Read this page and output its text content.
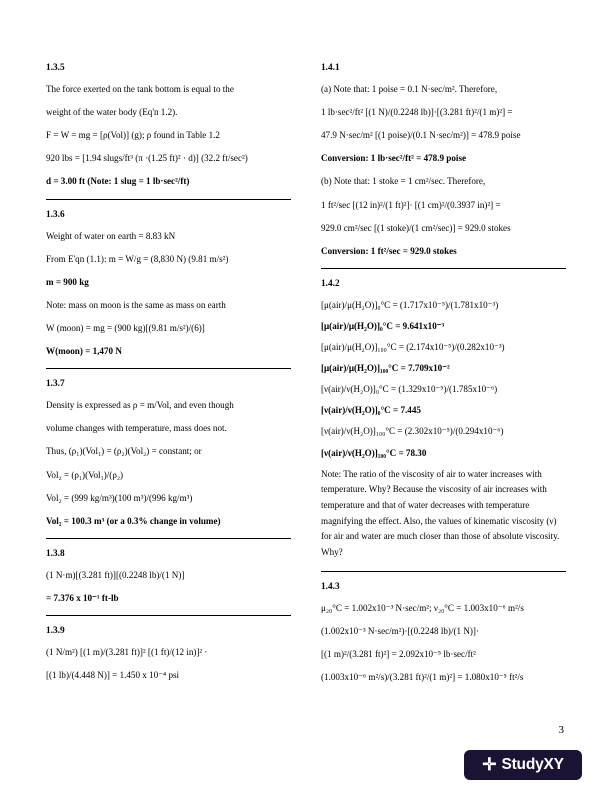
1.3.5
The force exerted on the tank bottom is equal to the
weight of the water body (Eq'n 1.2).
F = W = mg = [ρ(Vol)] (g); ρ found in Table 1.2
920 lbs = [1.94 slugs/ft³ (π ·(1.25 ft)² · d)] (32.2 ft/sec²)
d = 3.00 ft (Note: 1 slug = 1 lb·sec²/ft)
1.3.6
Weight of water on earth = 8.83 kN
From E'qn (1.1): m = W/g = (8,830 N) (9.81 m/s²)
m = 900 kg
Note: mass on moon is the same as mass on earth
W (moon) = mg = (900 kg)[(9.81 m/s²)/(6)]
W(moon) = 1,470 N
1.3.7
Density is expressed as ρ = m/Vol, and even though
volume changes with temperature, mass does not.
Thus, (ρ₁)(Vol₁) = (ρ₂)(Vol₂) = constant; or
Vol₂ = (ρ₁)(Vol₁)/(ρ₂)
Vol₂ = (999 kg/m³)(100 m³)/(996 kg/m³)
Vol₂ = 100.3 m³ (or a 0.3% change in volume)
1.3.8
(1 N·m)[(3.281 ft)][(0.2248 lb)/(1 N)]
= 7.376 x 10⁻¹ ft-lb
1.3.9
(1 N/m²) [(1 m)/(3.281 ft)]² [(1 ft)/(12 in)]² ·
[(1 lb)/(4.448 N)] = 1.450 x 10⁻⁴ psi
1.4.1
(a) Note that: 1 poise = 0.1 N·sec/m². Therefore,
1 lb·sec²/ft² [(1 N)/(0.2248 lb)]·[(3.281 ft)²/(1 m)²] =
47.9 N·sec/m² [(1 poise)/(0.1 N·sec/m²)] = 478.9 poise
Conversion: 1 lb·sec²/ft² = 478.9 poise
(b) Note that: 1 stoke = 1 cm²/sec. Therefore,
1 ft²/sec [(12 in)²/(1 ft)²]· [(1 cm)²/(0.3937 in)²] =
929.0 cm²/sec [(1 stoke)/(1 cm²/sec)] = 929.0 stokes
Conversion: 1 ft²/sec = 929.0 stokes
1.4.2
[μ(air)/μ(H₂O)]₀°C = (1.717x10⁻⁵)/(1.781x10⁻³)
[μ(air)/μ(H₂O)]₀°C = 9.641x10⁻³
[μ(air)/μ(H₂O)]₁₀₀°C = (2.174x10⁻⁵)/(0.282x10⁻³)
[μ(air)/μ(H₂O)]₁₀₀°C = 7.709x10⁻²
[ν(air)/ν(H₂O)]₀°C = (1.329x10⁻⁵)/(1.785x10⁻⁶)
[ν(air)/ν(H₂O)]₀°C = 7.445
[ν(air)/ν(H₂O)]₁₀₀°C = (2.302x10⁻⁵)/(0.294x10⁻⁶)
[ν(air)/ν(H₂O)]₁₀₀°C = 78.30
Note: The ratio of the viscosity of air to water increases with temperature. Why? Because the viscosity of air increases with temperature and that of water decreases with temperature magnifying the effect. Also, the values of kinematic viscosity (ν) for air and water are much closer than those of absolute viscosity. Why?
1.4.3
μ₂₀°C = 1.002x10⁻³ N·sec/m²; ν₂₀°C = 1.003x10⁻⁶ m²/s
(1.002x10⁻³ N·sec/m²)·[(0.2248 lb)/(1 N)]·
[(1 m)²/(3.281 ft)²] = 2.092x10⁻⁵ lb·sec/ft²
(1.003x10⁻⁶ m²/s)/(3.281 ft)²/(1 m)²] = 1.080x10⁻⁵ ft²/s
3
✛ StudyXY
